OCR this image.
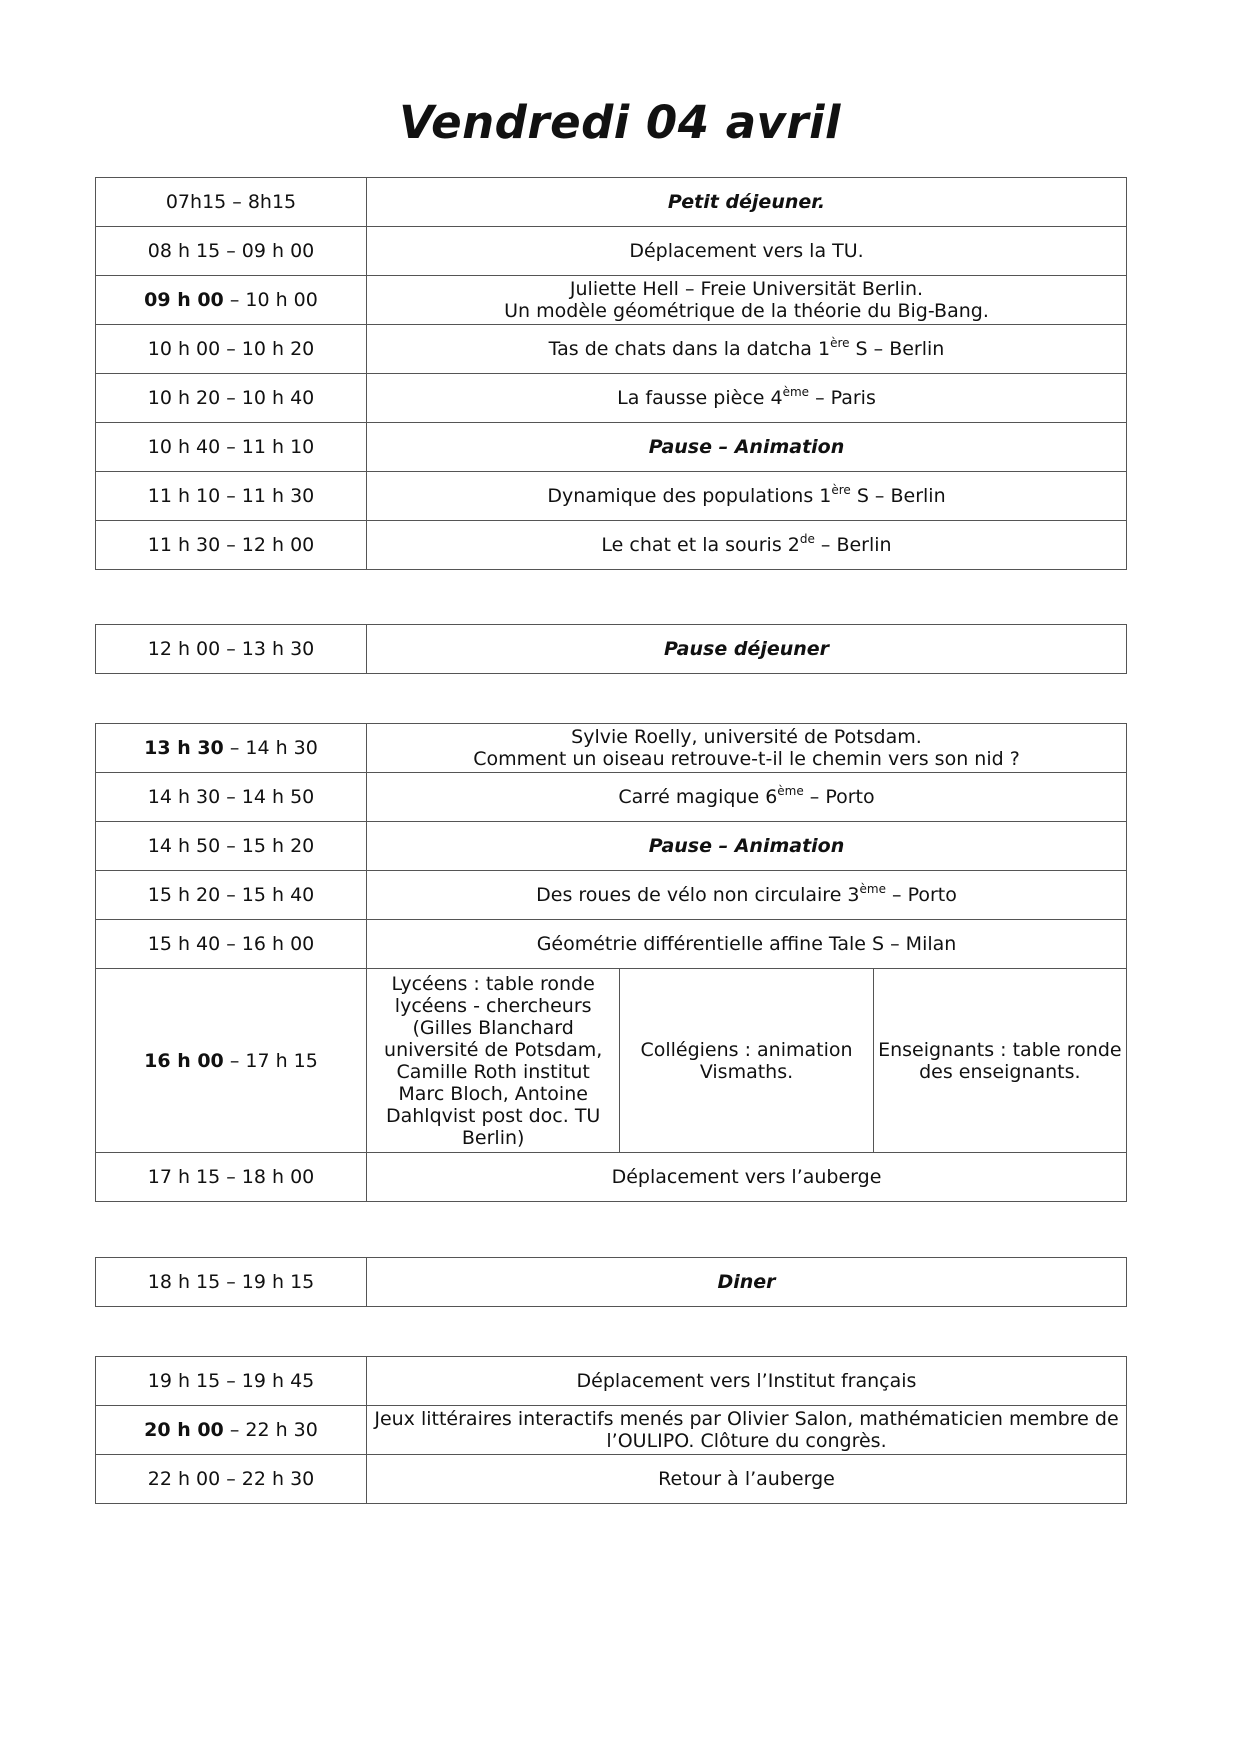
Vendredi 04 avril
07h15 – 8h15	Petit déjeuner.
08 h 15 – 09 h 00	Déplacement vers la TU.
09 h 00 – 10 h 00	Juliette Hell – Freie Universität Berlin.
Un modèle géométrique de la théorie du Big-Bang.

10 h 00 – 10 h 20	Tas de chats dans la datcha 1ère S – Berlin
10 h 20 – 10 h 40	La fausse pièce 4ème – Paris
10 h 40 – 11 h 10	Pause – Animation
11 h 10 – 11 h 30	Dynamique des populations 1ère S – Berlin
11 h 30 – 12 h 00	Le chat et la souris 2de – Berlin
12 h 00 – 13 h 30	Pause déjeuner
13 h 30 – 14 h 30	Sylvie Roelly, université de Potsdam.
Comment un oiseau retrouve-t-il le chemin vers son nid ?		

14 h 30 – 14 h 50	Carré magique 6ème – Porto		
14 h 50 – 15 h 20	Pause – Animation		
15 h 20 – 15 h 40	Des roues de vélo non circulaire 3ème – Porto		
15 h 40 – 16 h 00	Géométrie différentielle affine Tale S – Milan		
16 h 00 – 17 h 15	Lycéens : table ronde lycéens - chercheurs (Gilles Blanchard université de Potsdam, Camille Roth institut Marc Bloch, Antoine Dahlqvist post doc. TU Berlin)	Collégiens : animation Vismaths.	Enseignants : table ronde des enseignants.
17 h 15 – 18 h 00	Déplacement vers l’auberge		
18 h 15 – 19 h 15	Diner
19 h 15 – 19 h 45	Déplacement vers l’Institut français
20 h 00 – 22 h 30	Jeux littéraires interactifs menés par Olivier Salon, mathématicien membre de l’OULIPO. Clôture du congrès.
22 h 00 – 22 h 30	Retour à l’auberge
